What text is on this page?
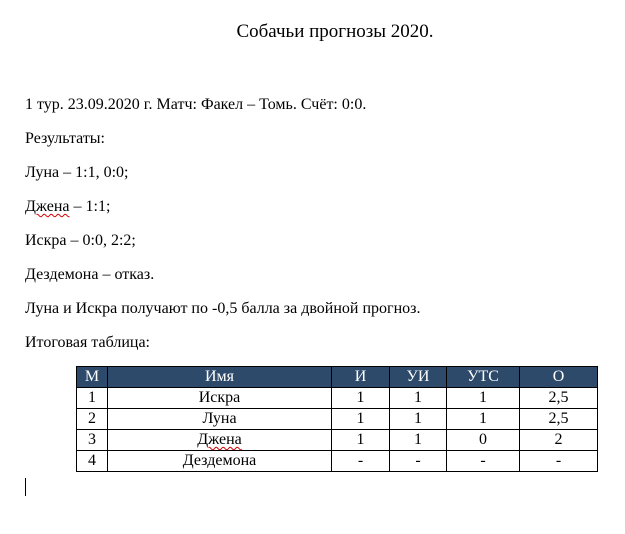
Собачьи прогнозы 2020.
1 тур. 23.09.2020 г. Матч: Факел – Томь. Счёт: 0:0.
Результаты:
Луна – 1:1, 0:0;
Джена – 1:1;
Искра – 0:0, 2:2;
Дездемона – отказ.
Луна и Искра получают по -0,5 балла за двойной прогноз.
Итоговая таблица:
М	Имя	И	УИ	УТС	О
1	Искра	1	1	1	2,5
2	Луна	1	1	1	2,5
3	Джена	1	1	0	2
4	Дездемона	-	-	-	-
